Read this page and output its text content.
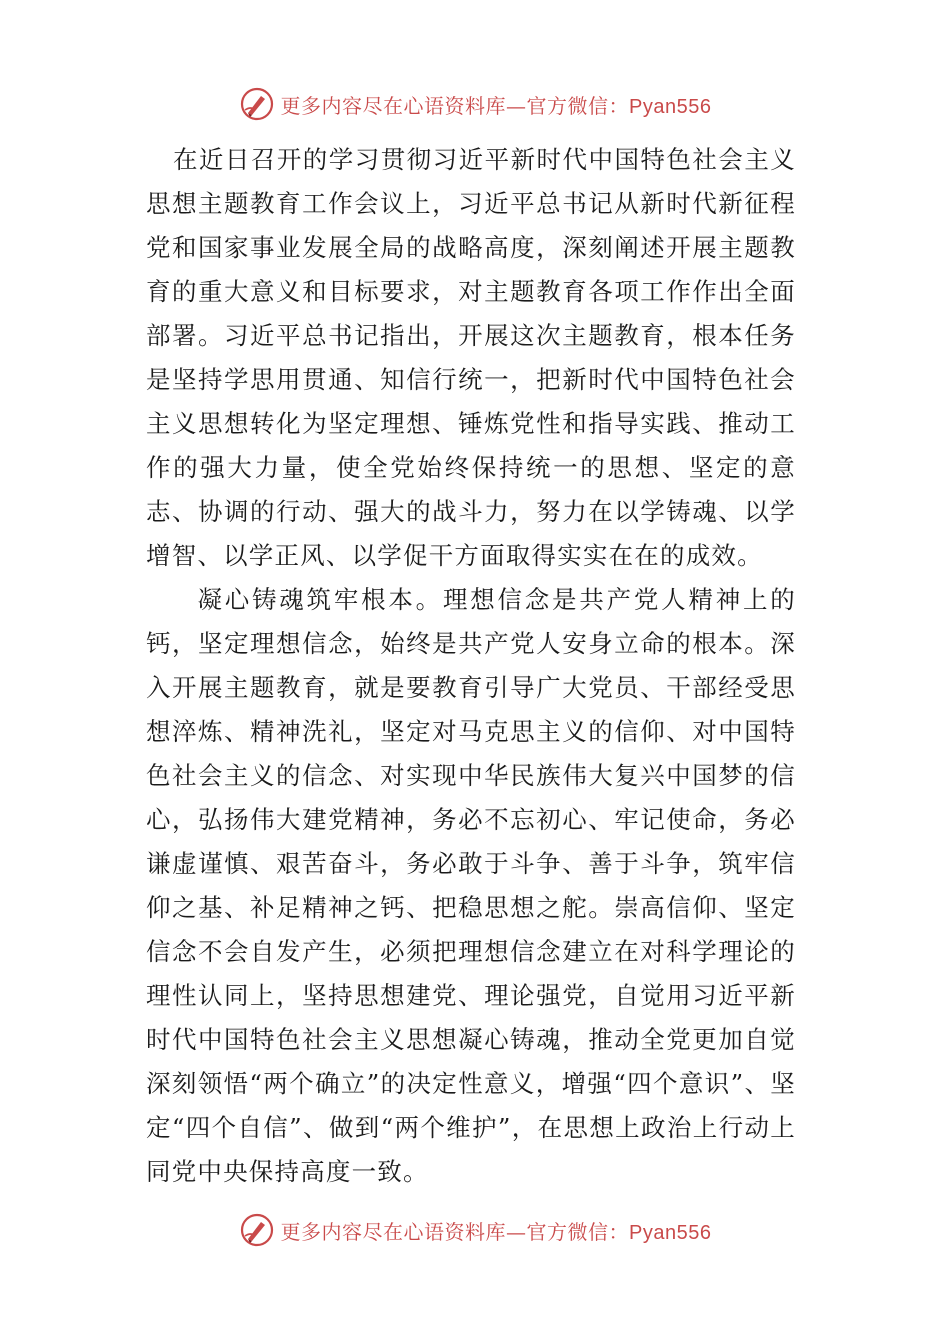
更多内容尽在心语资料库—官方微信：Pyan556

在近日召开的学习贯彻习近平新时代中国特色社会主义思想主题教育工作会议上，习近平总书记从新时代新征程党和国家事业发展全局的战略高度，深刻阐述开展主题教育的重大意义和目标要求，对主题教育各项工作作出全面部署。习近平总书记指出，开展这次主题教育，根本任务是坚持学思用贯通、知信行统一，把新时代中国特色社会主义思想转化为坚定理想、锤炼党性和指导实践、推动工作的强大力量，使全党始终保持统一的思想、坚定的意志、协调的行动、强大的战斗力，努力在以学铸魂、以学增智、以学正风、以学促干方面取得实实在在的成效。

凝心铸魂筑牢根本。理想信念是共产党人精神上的钙，坚定理想信念，始终是共产党人安身立命的根本。深入开展主题教育，就是要教育引导广大党员、干部经受思想淬炼、精神洗礼，坚定对马克思主义的信仰、对中国特色社会主义的信念、对实现中华民族伟大复兴中国梦的信心，弘扬伟大建党精神，务必不忘初心、牢记使命，务必谦虚谨慎、艰苦奋斗，务必敢于斗争、善于斗争，筑牢信仰之基、补足精神之钙、把稳思想之舵。崇高信仰、坚定信念不会自发产生，必须把理想信念建立在对科学理论的理性认同上，坚持思想建党、理论强党，自觉用习近平新时代中国特色社会主义思想凝心铸魂，推动全党更加自觉深刻领悟“两个确立”的决定性意义，增强“四个意识”、坚定“四个自信”、做到“两个维护”，在思想上政治上行动上同党中央保持高度一致。

更多内容尽在心语资料库—官方微信：Pyan556
